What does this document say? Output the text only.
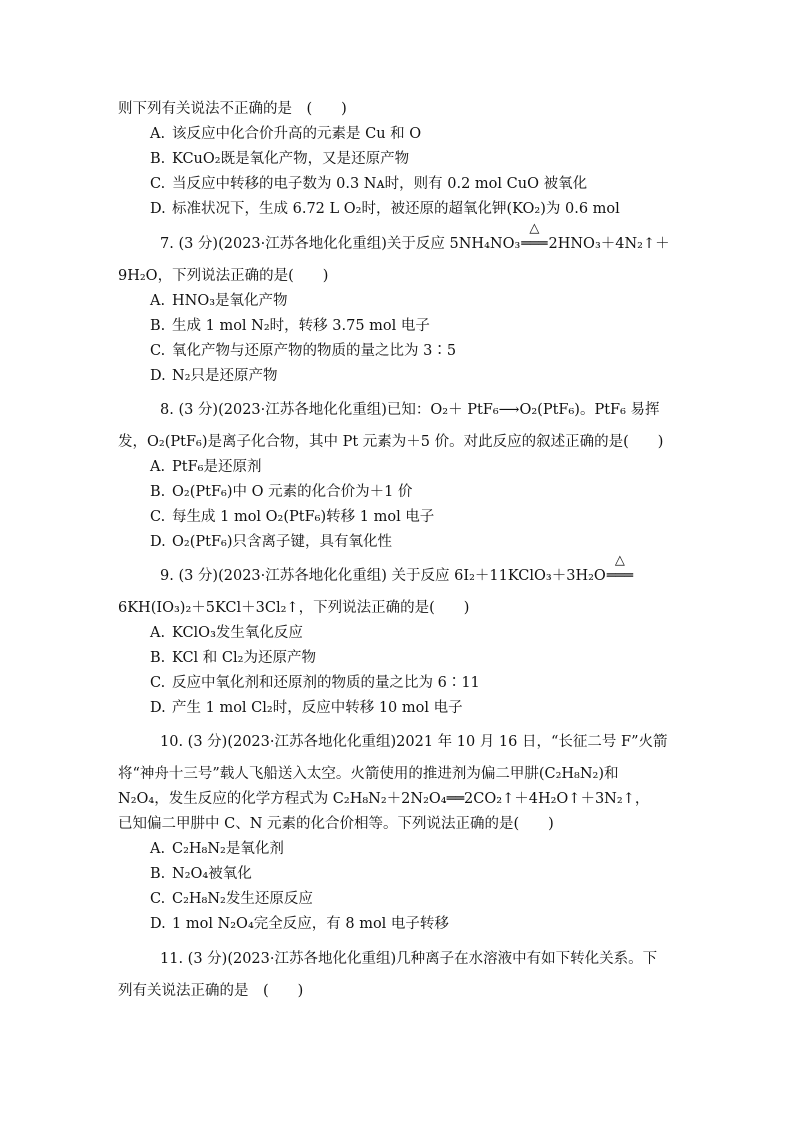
则下列有关说法不正确的是　(　　)
A. 该反应中化合价升高的元素是 Cu 和 O
B. KCuO₂既是氧化产物，又是还原产物
C. 当反应中转移的电子数为 0.3 Nᴀ时，则有 0.2 mol CuO 被氧化
D. 标准状况下，生成 6.72 L O₂时，被还原的超氧化钾(KO₂)为 0.6 mol
7. (3 分)(2023·江苏各地化化重组)关于反应 5NH₄NO₃
△
═══2HNO₃＋4N₂↑＋
9H₂O，下列说法正确的是(　　)
A. HNO₃是氧化产物
B. 生成 1 mol N₂时，转移 3.75 mol 电子
C. 氧化产物与还原产物的物质的量之比为 3∶5
D. N₂只是还原产物
8. (3 分)(2023·江苏各地化化重组)已知：O₂＋ PtF₆⟶O₂(PtF₆)。PtF₆ 易挥
发，O₂(PtF₆)是离子化合物，其中 Pt 元素为＋5 价。对此反应的叙述正确的是(　　)
A. PtF₆是还原剂
B. O₂(PtF₆)中 O 元素的化合价为＋1 价
C. 每生成 1 mol O₂(PtF₆)转移 1 mol 电子
D. O₂(PtF₆)只含离子键，具有氧化性
9. (3 分)(2023·江苏各地化化重组) 关于反应 6I₂＋11KClO₃＋3H₂O
△
═══
6KH(IO₃)₂＋5KCl＋3Cl₂↑，下列说法正确的是(　　)
A. KClO₃发生氧化反应
B. KCl 和 Cl₂为还原产物
C. 反应中氧化剂和还原剂的物质的量之比为 6∶11
D. 产生 1 mol Cl₂时，反应中转移 10 mol 电子
10. (3 分)(2023·江苏各地化化重组)2021 年 10 月 16 日，“长征二号 F”火箭
将“神舟十三号”载人飞船送入太空。火箭使用的推进剂为偏二甲肼(C₂H₈N₂)和
N₂O₄，发生反应的化学方程式为 C₂H₈N₂＋2N₂O₄══2CO₂↑＋4H₂O↑＋3N₂↑，
已知偏二甲肼中 C、N 元素的化合价相等。下列说法正确的是(　　)
A. C₂H₈N₂是氧化剂
B. N₂O₄被氧化
C. C₂H₈N₂发生还原反应
D. 1 mol N₂O₄完全反应，有 8 mol 电子转移
11. (3 分)(2023·江苏各地化化重组)几种离子在水溶液中有如下转化关系。下
列有关说法正确的是　(　　)
